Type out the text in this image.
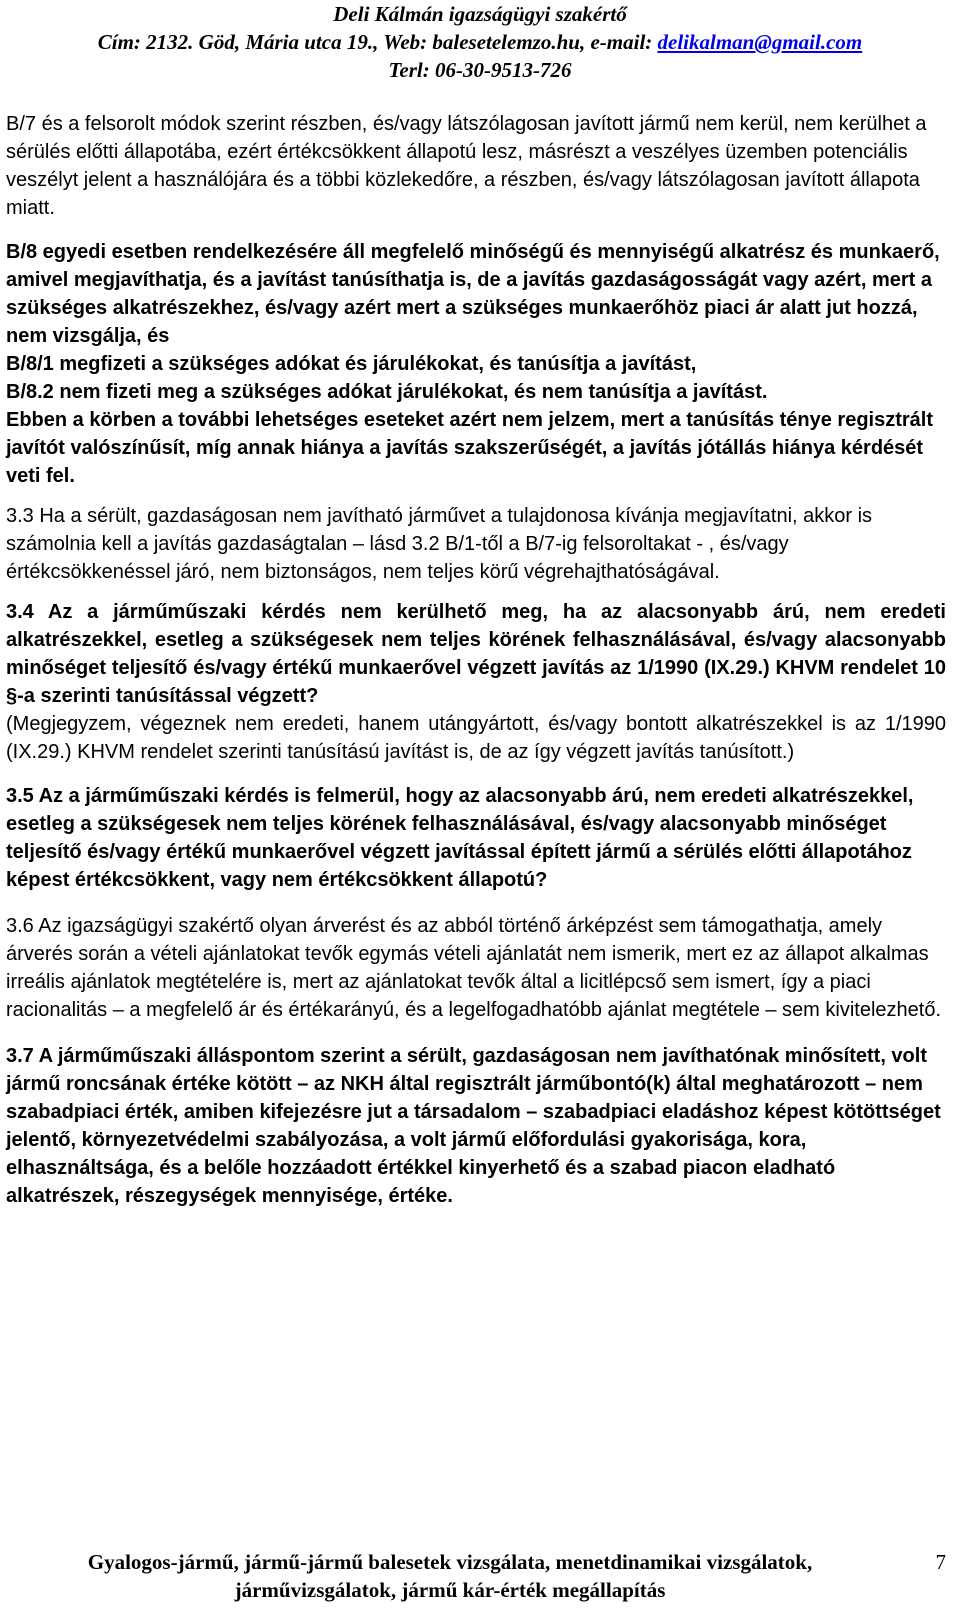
Deli Kálmán igazságügyi szakértő
Cím: 2132. Göd, Mária utca 19., Web: balesetelemzo.hu, e-mail: delikalman@gmail.com
Terl: 06-30-9513-726

B/7 és a felsorolt módok szerint részben, és/vagy látszólagosan javított jármű nem kerül, nem kerülhet a sérülés előtti állapotába, ezért értékcsökkent állapotú lesz, másrészt a veszélyes üzemben potenciális veszélyt jelent a használójára és a többi közlekedőre, a részben, és/vagy látszólagosan javított állapota miatt.

B/8 egyedi esetben rendelkezésére áll megfelelő minőségű és mennyiségű alkatrész és munkaerő, amivel megjavíthatja, és a javítást tanúsíthatja is, de a javítás gazdaságosságát vagy azért, mert a szükséges alkatrészekhez, és/vagy azért mert a szükséges munkaerőhöz piaci ár alatt jut hozzá, nem vizsgálja, és

B/8/1 megfizeti a szükséges adókat és járulékokat, és tanúsítja a javítást,

B/8.2 nem fizeti meg a szükséges adókat járulékokat, és nem tanúsítja a javítást.

Ebben a körben a további lehetséges eseteket azért nem jelzem, mert a tanúsítás ténye regisztrált javítót valószínűsít, míg annak hiánya a javítás szakszerűségét, a javítás jótállás hiánya kérdését veti fel.

3.3 Ha a sérült, gazdaságosan nem javítható járművet a tulajdonosa kívánja megjavítatni, akkor is számolnia kell a javítás gazdaságtalan – lásd 3.2 B/1-től a B/7-ig felsoroltakat - , és/vagy értékcsökkenéssel járó, nem biztonságos, nem teljes körű végrehajthatóságával.

3.4 Az a járműműszaki kérdés nem kerülhető meg, ha az alacsonyabb árú, nem eredeti alkatrészekkel, esetleg a szükségesek nem teljes körének felhasználásával, és/vagy alacsonyabb minőséget teljesítő és/vagy értékű munkaerővel végzett javítás az 1/1990 (IX.29.) KHVM rendelet 10 §-a szerinti tanúsítással végzett?

(Megjegyzem, végeznek nem eredeti, hanem utángyártott, és/vagy bontott alkatrészekkel is az 1/1990 (IX.29.) KHVM rendelet szerinti tanúsítású javítást is, de az így végzett javítás tanúsított.)

3.5 Az a járműműszaki kérdés is felmerül, hogy az alacsonyabb árú, nem eredeti alkatrészekkel, esetleg a szükségesek nem teljes körének felhasználásával, és/vagy alacsonyabb minőséget teljesítő és/vagy értékű munkaerővel végzett javítással épített jármű a sérülés előtti állapotához képest értékcsökkent, vagy nem értékcsökkent állapotú?

3.6 Az igazságügyi szakértő olyan árverést és az abból történő árképzést sem támogathatja, amely árverés során a vételi ajánlatokat tevők egymás vételi ajánlatát nem ismerik, mert ez az állapot alkalmas irreális ajánlatok megtételére is, mert az ajánlatokat tevők által a licitlépcső sem ismert, így a piaci racionalitás – a megfelelő ár és értékarányú, és a legelfogadhatóbb ajánlat megtétele – sem kivitelezhető.

3.7 A járműműszaki álláspontom szerint a sérült, gazdaságosan nem javíthatónak minősített, volt jármű roncsának értéke kötött – az NKH által regisztrált járműbontó(k) által meghatározott – nem szabadpiaci érték, amiben kifejezésre jut a társadalom – szabadpiaci eladáshoz képest kötöttséget jelentő, környezetvédelmi szabályozása, a volt jármű előfordulási gyakorisága, kora, elhasználtsága, és a belőle hozzáadott értékkel kinyerhető és a szabad piacon eladható alkatrészek, részegységek mennyisége, értéke.

Gyalogos-jármű, jármű-jármű balesetek vizsgálata, menetdinamikai vizsgálatok,
járművizsgálatok, jármű kár-érték megállapítás
7
